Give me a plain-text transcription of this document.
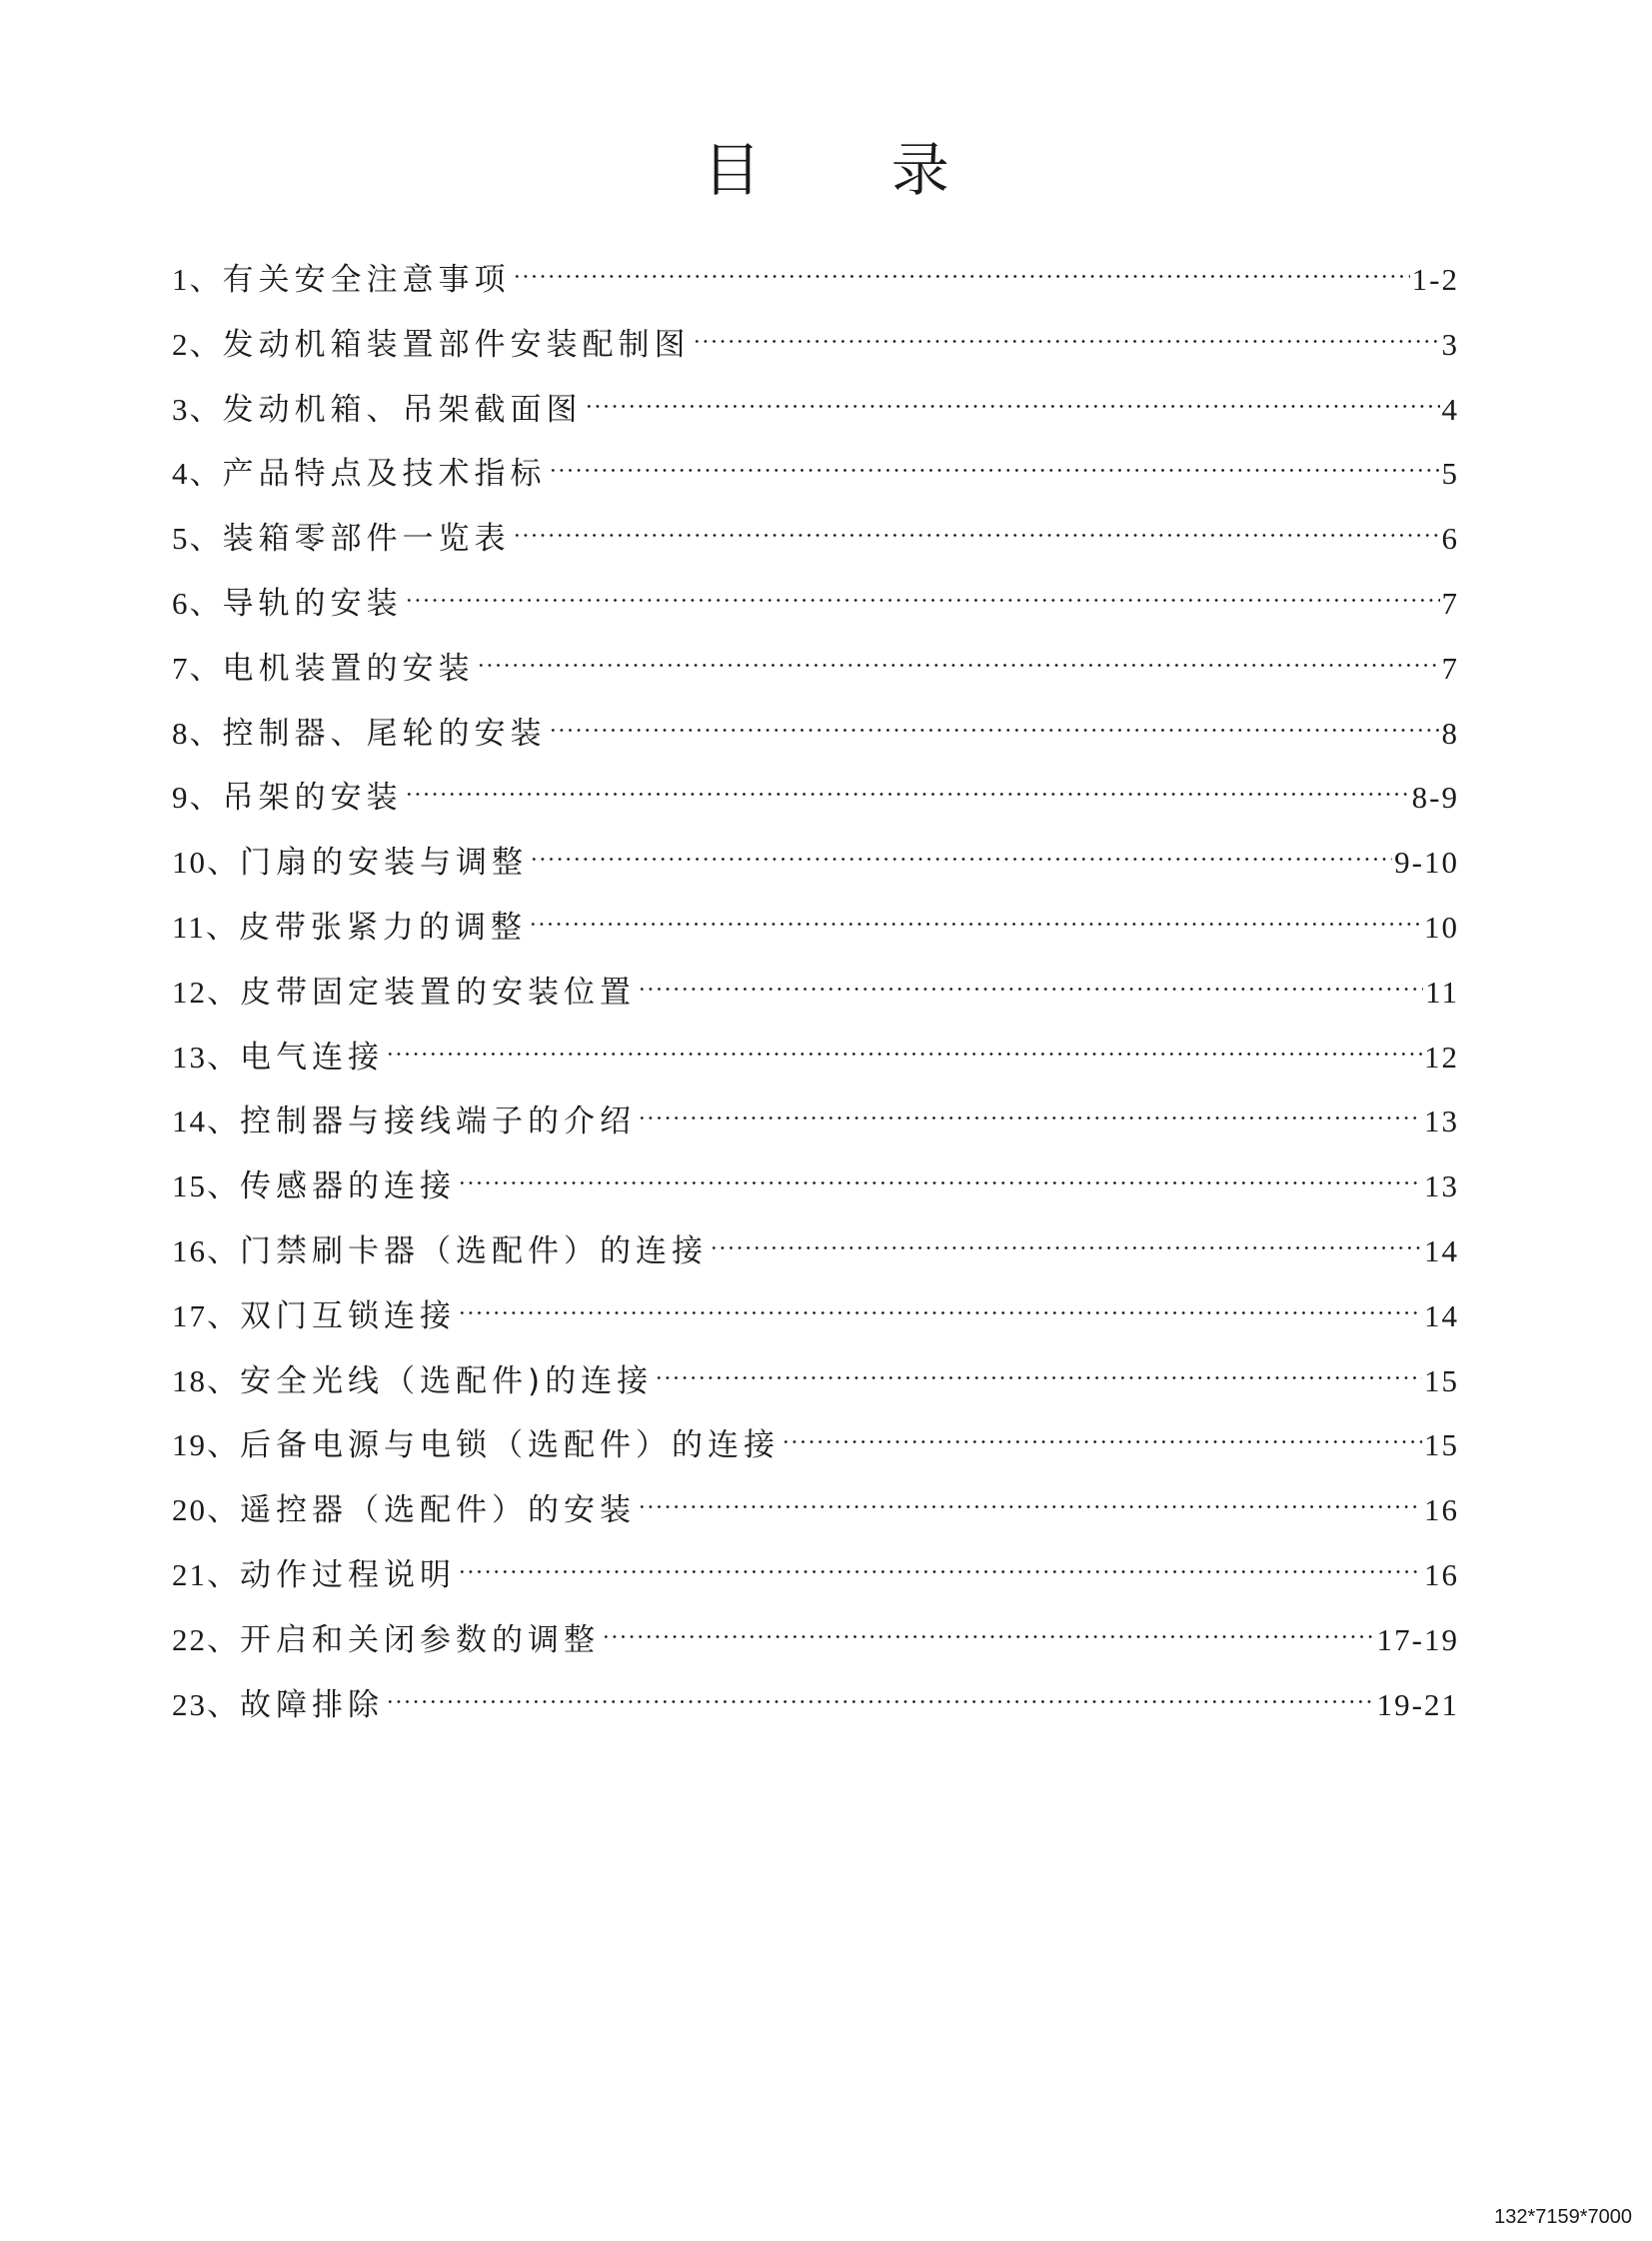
目 录
1、 有关安全注意事项	1-2
2、 发动机箱装置部件安装配制图	3
3、 发动机箱、吊架截面图	4
4、 产品特点及技术指标	5
5、 装箱零部件一览表	6
6、 导轨的安装	7
7、 电机装置的安装	7
8、 控制器、尾轮的安装	8
9、 吊架的安装	8-9
10、 门扇的安装与调整	9-10
11、 皮带张紧力的调整	10
12、 皮带固定装置的安装位置	11
13、 电气连接	12
14、 控制器与接线端子的介绍	13
15、 传感器的连接	13
16、 门禁刷卡器（选配件）的连接	14
17、 双门互锁连接	14
18、 安全光线（选配件)的连接	15
19、 后备电源与电锁（选配件）的连接	15
20、 遥控器（选配件）的安装	16
21、 动作过程说明	16
22、 开启和关闭参数的调整	17-19
23、 故障排除	19-21
132*7159*7000
